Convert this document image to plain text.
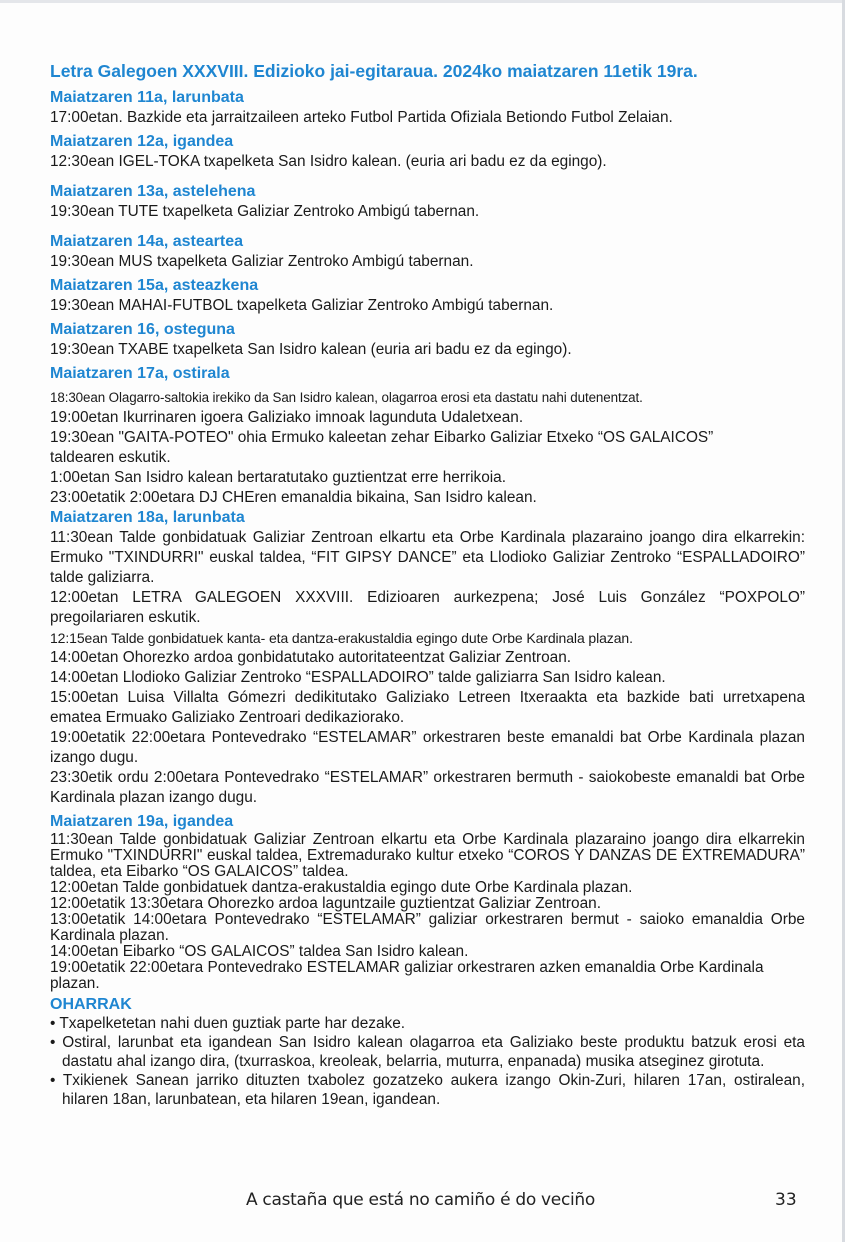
Letra Galegoen XXXVIII. Edizioko jai-egitaraua. 2024ko maiatzaren 11etik 19ra.
Maiatzaren 11a, larunbata

17:00etan. Bazkide eta jarraitzaileen arteko Futbol Partida Ofiziala Betiondo Futbol Zelaian.

Maiatzaren 12a, igandea

12:30ean IGEL-TOKA txapelketa San Isidro kalean. (euria ari badu ez da egingo).

Maiatzaren 13a, astelehena

19:30ean TUTE txapelketa Galiziar Zentroko Ambigú tabernan.

Maiatzaren 14a, asteartea

19:30ean MUS txapelketa Galiziar Zentroko Ambigú tabernan.

Maiatzaren 15a, asteazkena

19:30ean MAHAI-FUTBOL txapelketa Galiziar Zentroko Ambigú tabernan.

Maiatzaren 16, osteguna

19:30ean TXABE txapelketa San Isidro kalean (euria ari badu ez da egingo).

Maiatzaren 17a, ostirala

18:30ean Olagarro-saltokia irekiko da San Isidro kalean, olagarroa erosi eta dastatu nahi dutenentzat.

19:00etan Ikurrinaren igoera Galiziako imnoak lagunduta Udaletxean.

19:30ean "GAITA-POTEO" ohia Ermuko kaleetan zehar Eibarko Galiziar Etxeko “OS GALAICOS” taldearen eskutik.

1:00etan San Isidro kalean bertaratutako guztientzat erre herrikoia.

23:00etatik 2:00etara DJ CHEren emanaldia bikaina, San Isidro kalean.

Maiatzaren 18a, larunbata

11:30ean Talde gonbidatuak Galiziar Zentroan elkartu eta Orbe Kardinala plazaraino joango dira elkarrekin: Ermuko "TXINDURRI" euskal taldea, “FIT GIPSY DANCE” eta Llodioko Galiziar Zentroko “ESPALLADOIRO” talde galiziarra.

12:00etan LETRA GALEGOEN XXXVIII. Edizioaren aurkezpena; José Luis González “POXPOLO” pregoilariaren eskutik.

12:15ean Talde gonbidatuek kanta- eta dantza-erakustaldia egingo dute Orbe Kardinala plazan.

14:00etan Ohorezko ardoa gonbidatutako autoritateentzat Galiziar Zentroan.

14:00etan Llodioko Galiziar Zentroko “ESPALLADOIRO” talde galiziarra San Isidro kalean.

15:00etan Luisa Villalta Gómezri dedikitutako Galiziako Letreen Itxeraakta eta bazkide bati urretxapena ematea Ermuako Galiziako Zentroari dedikaziorako.

19:00etatik 22:00etara Pontevedrako “ESTELAMAR” orkestraren beste emanaldi bat Orbe Kardinala plazan izango dugu.

23:30etik ordu 2:00etara Pontevedrako “ESTELAMAR” orkestraren bermuth - saiokobeste emanaldi bat Orbe Kardinala plazan izango dugu.

Maiatzaren 19a, igandea

11:30ean Talde gonbidatuak Galiziar Zentroan elkartu eta Orbe Kardinala plazaraino joango dira elkarrekin Ermuko "TXINDURRI" euskal taldea, Extremadurako kultur etxeko “COROS Y DANZAS DE EXTREMADURA” taldea, eta Eibarko “OS GALAICOS” taldea.

12:00etan Talde gonbidatuek dantza-erakustaldia egingo dute Orbe Kardinala plazan.

12:00etatik 13:30etara Ohorezko ardoa laguntzaile guztientzat Galiziar Zentroan.

13:00etatik 14:00etara Pontevedrako “ESTELAMAR” galiziar orkestraren bermut - saioko emanaldia Orbe Kardinala plazan.

14:00etan Eibarko “OS GALAICOS” taldea San Isidro kalean.

19:00etatik 22:00etara Pontevedrako ESTELAMAR galiziar orkestraren azken emanaldia Orbe Kardinala plazan.

OHARRAK

• Txapelketetan nahi duen guztiak parte har dezake.

• Ostiral, larunbat eta igandean San Isidro kalean olagarroa eta Galiziako beste produktu batzuk erosi eta dastatu ahal izango dira, (txurraskoa, kreoleak, belarria, muturra, enpanada) musika atseginez girotuta.

• Txikienek Sanean jarriko dituzten txabolez gozatzeko aukera izango Okin-Zuri, hilaren 17an, ostiralean, hilaren 18an, larunbatean, eta hilaren 19ean, igandean.

A castaña que está no camiño é do veciño	33
